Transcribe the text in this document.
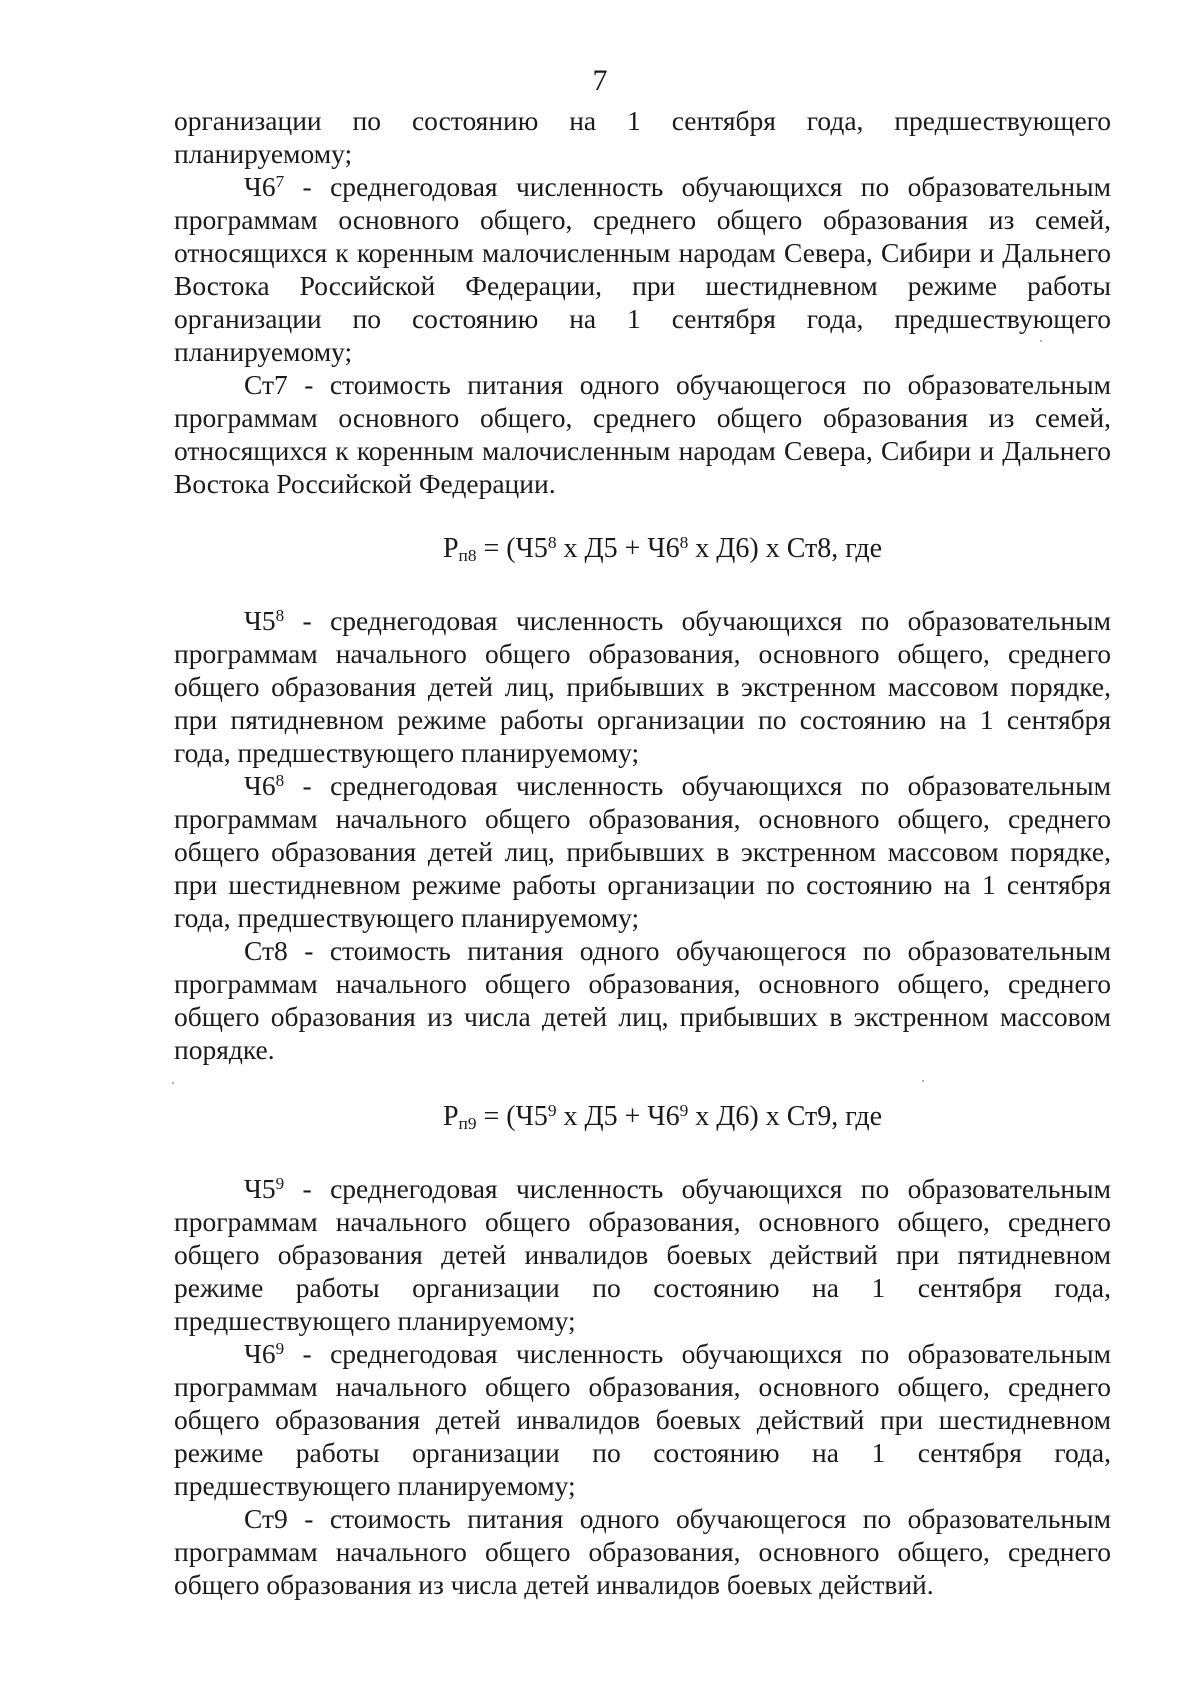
7

организации по состоянию на 1 сентября года, предшествующего планируемому;

$Ч6^7$ - среднегодовая численность обучающихся по образовательным программам основного общего, среднего общего образования из семей, относящихся к коренным малочисленным народам Севера, Сибири и Дальнего Востока Российской Федерации, при шестидневном режиме работы организации по состоянию на 1 сентября года, предшествующего планируемому;

Ст7 - стоимость питания одного обучающегося по образовательным программам основного общего, среднего общего образования из семей, относящихся к коренным малочисленным народам Севера, Сибири и Дальнего Востока Российской Федерации.

$Р_{п8} = (Ч5^8$ х $Д5 + Ч6^8$ х Д6) х Ст8, где

$Ч5^8$ - среднегодовая численность обучающихся по образовательным программам начального общего образования, основного общего, среднего общего образования детей лиц, прибывших в экстренном массовом порядке, при пятидневном режиме работы организации по состоянию на 1 сентября года, предшествующего планируемому;

$Ч6^8$ - среднегодовая численность обучающихся по образовательным программам начального общего образования, основного общего, среднего общего образования детей лиц, прибывших в экстренном массовом порядке, при шестидневном режиме работы организации по состоянию на 1 сентября года, предшествующего планируемому;

Ст8 - стоимость питания одного обучающегося по образовательным программам начального общего образования, основного общего, среднего общего образования из числа детей лиц, прибывших в экстренном массовом порядке.

$Р_{п9} = (Ч5^9$ х $Д5 + Ч6^9$ х Д6) х Ст9, где

$Ч5^9$ - среднегодовая численность обучающихся по образовательным программам начального общего образования, основного общего, среднего общего образования детей инвалидов боевых действий при пятидневном режиме работы организации по состоянию на 1 сентября года, предшествующего планируемому;

$Ч6^9$ - среднегодовая численность обучающихся по образовательным программам начального общего образования, основного общего, среднего общего образования детей инвалидов боевых действий при шестидневном режиме работы организации по состоянию на 1 сентября года, предшествующего планируемому;

Ст9 - стоимость питания одного обучающегося по образовательным программам начального общего образования, основного общего, среднего общего образования из числа детей инвалидов боевых действий.
